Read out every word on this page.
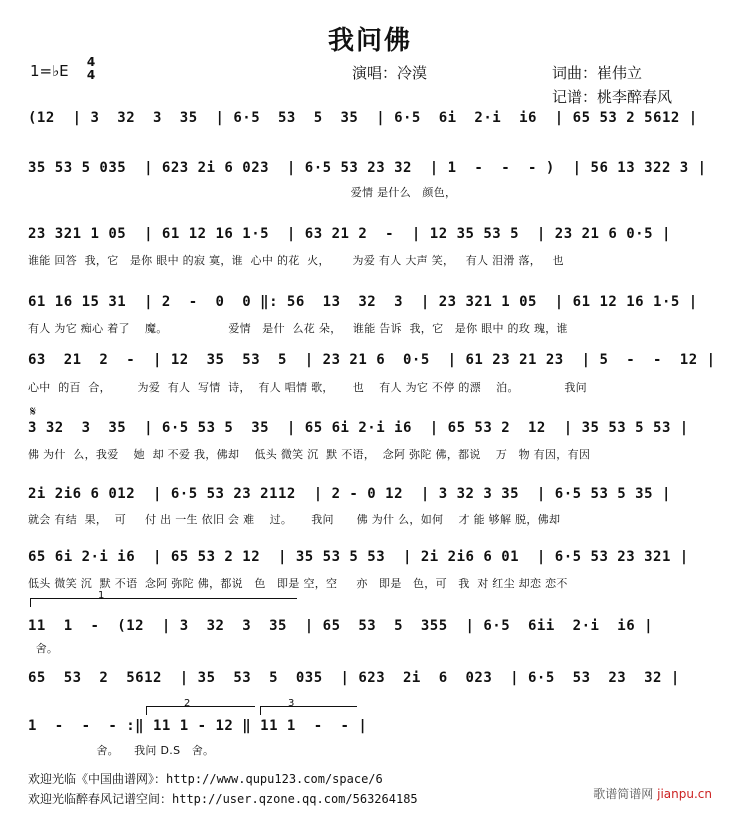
我问佛
1=♭E 4
4	演唱：冷漠	词曲：崔伟立
记谱：桃李醉春风
(12  | 3  32  3  35  | 6·5  53  5  35  | 6·5  6i  2·i  i6  | 65 53 2 5612 |
35 53 5 035  | 623 2i 6 023  | 6·5 53 23 32  | 1  -  -  - )  | 56 13 322 3 |
爱情 是什么   颜色，
23 321 1 05  | 61 12 16 1·5  | 63 21 2  -  | 12 35 53 5  | 23 21 6 0·5 |
谁能 回答  我，它   是你 眼中 的寂 寞，谁  心中 的花  火，      为爱 有人 大声 笑，   有人 泪滑 落，   也
61 16 15 31  | 2  -  0  0 ‖: 56  13  32  3  | 23 321 1 05  | 61 12 16 1·5 |
有人 为它 痴心 着了    魔。                爱情   是什  么花 朵，   谁能 告诉  我，它   是你 眼中 的玫 瑰，谁
63  21  2  -  | 12  35  53  5  | 23 21 6  0·5  | 61 23 21 23  | 5  -  -  12 |
心中  的百  合，       为爱  有人  写情  诗，  有人 唱情 歌，     也    有人 为它 不停 的漂    泊。            我问
𝄋
3 32  3  35  | 6·5 53 5  35  | 65 6i 2·i i6  | 65 53 2  12  | 35 53 5 53 |
佛 为什  么，我爱    她  却 不爱 我，佛却    低头 微笑 沉  默 不语，  念阿 弥陀 佛，都说    万   物 有因，有因
2i 2i6 6 012  | 6·5 53 23 2112  | 2 - 0 12  | 3 32 3 35  | 6·5 53 5 35 |
就会 有结  果，  可     付 出 一生 依旧 会 难    过。     我问      佛 为什 么，如何    才 能 够解 脱，佛却
65 6i 2·i i6  | 65 53 2 12  | 35 53 5 53  | 2i 2i6 6 01  | 6·5 53 23 321 |
低头 微笑 沉  默 不语  念阿 弥陀 佛，都说   色   即是 空，空     亦   即是   色，可   我  对 红尘 却恋 恋不
1
11  1  -  (12  | 3  32  3  35  | 65  53  5  355  | 6·5  6ii  2·i  i6 |
舍。
65  53  2  5612  | 35  53  5  035  | 623  2i  6  023  | 6·5  53  23  32 |
2	3
1  -  -  - :‖ 11 1 - 12 ‖ 11 1  -  - |
舍。    我问 D.S   舍。
欢迎光临《中国曲谱网》：http://www.qupu123.com/space/6
欢迎光临醉春风记谱空间：http://user.qzone.qq.com/563264185	歌谱简谱网 jianpu.cn
